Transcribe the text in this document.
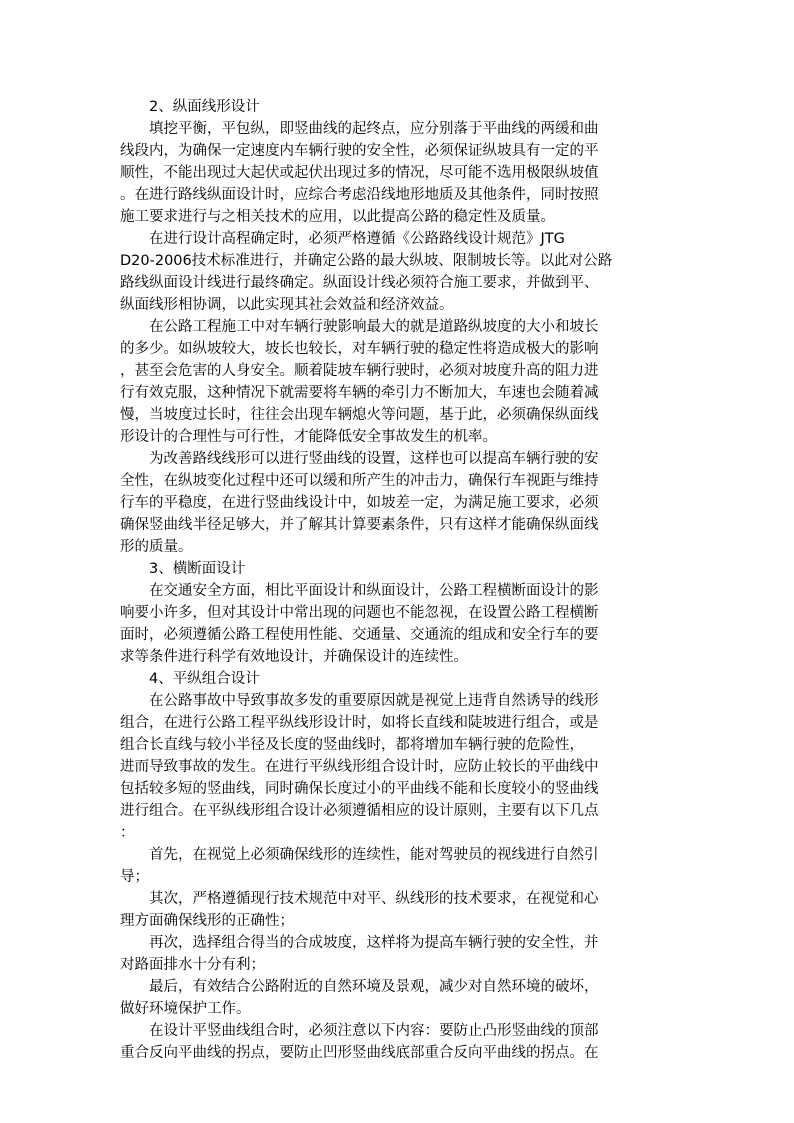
2、纵面线形设计
填挖平衡，平包纵，即竖曲线的起终点，应分别落于平曲线的两缓和曲
线段内，为确保一定速度内车辆行驶的安全性，必须保证纵坡具有一定的平
顺性，不能出现过大起伏或起伏出现过多的情况，尽可能不选用极限纵坡值
。在进行路线纵面设计时，应综合考虑沿线地形地质及其他条件，同时按照
施工要求进行与之相关技术的应用，以此提高公路的稳定性及质量。
在进行设计高程确定时，必须严格遵循《公路路线设计规范》JTG
D20-2006技术标准进行，并确定公路的最大纵坡、限制坡长等。以此对公路
路线纵面设计线进行最终确定。纵面设计线必须符合施工要求，并做到平、
纵面线形相协调，以此实现其社会效益和经济效益。
在公路工程施工中对车辆行驶影响最大的就是道路纵坡度的大小和坡长
的多少。如纵坡较大，坡长也较长，对车辆行驶的稳定性将造成极大的影响
，甚至会危害的人身安全。顺着陡坡车辆行驶时，必须对坡度升高的阻力进
行有效克服，这种情况下就需要将车辆的牵引力不断加大，车速也会随着减
慢，当坡度过长时，往往会出现车辆熄火等问题，基于此，必须确保纵面线
形设计的合理性与可行性，才能降低安全事故发生的机率。
为改善路线线形可以进行竖曲线的设置，这样也可以提高车辆行驶的安
全性，在纵坡变化过程中还可以缓和所产生的冲击力，确保行车视距与维持
行车的平稳度，在进行竖曲线设计中，如坡差一定，为满足施工要求，必须
确保竖曲线半径足够大，并了解其计算要素条件，只有这样才能确保纵面线
形的质量。
3、横断面设计
在交通安全方面，相比平面设计和纵面设计，公路工程横断面设计的影
响要小许多，但对其设计中常出现的问题也不能忽视，在设置公路工程横断
面时，必须遵循公路工程使用性能、交通量、交通流的组成和安全行车的要
求等条件进行科学有效地设计，并确保设计的连续性。
4、平纵组合设计
在公路事故中导致事故多发的重要原因就是视觉上违背自然诱导的线形
组合，在进行公路工程平纵线形设计时，如将长直线和陡坡进行组合，或是
组合长直线与较小半径及长度的竖曲线时，都将增加车辆行驶的危险性，
进而导致事故的发生。在进行平纵线形组合设计时，应防止较长的平曲线中
包括较多短的竖曲线，同时确保长度过小的平曲线不能和长度较小的竖曲线
进行组合。在平纵线形组合设计必须遵循相应的设计原则，主要有以下几点
：
首先，在视觉上必须确保线形的连续性，能对驾驶员的视线进行自然引
导；
其次，严格遵循现行技术规范中对平、纵线形的技术要求，在视觉和心
理方面确保线形的正确性；
再次，选择组合得当的合成坡度，这样将为提高车辆行驶的安全性，并
对路面排水十分有利；
最后，有效结合公路附近的自然环境及景观，减少对自然环境的破坏，
做好环境保护工作。
在设计平竖曲线组合时，必须注意以下内容：要防止凸形竖曲线的顶部
重合反向平曲线的拐点，要防止凹形竖曲线底部重合反向平曲线的拐点。在
